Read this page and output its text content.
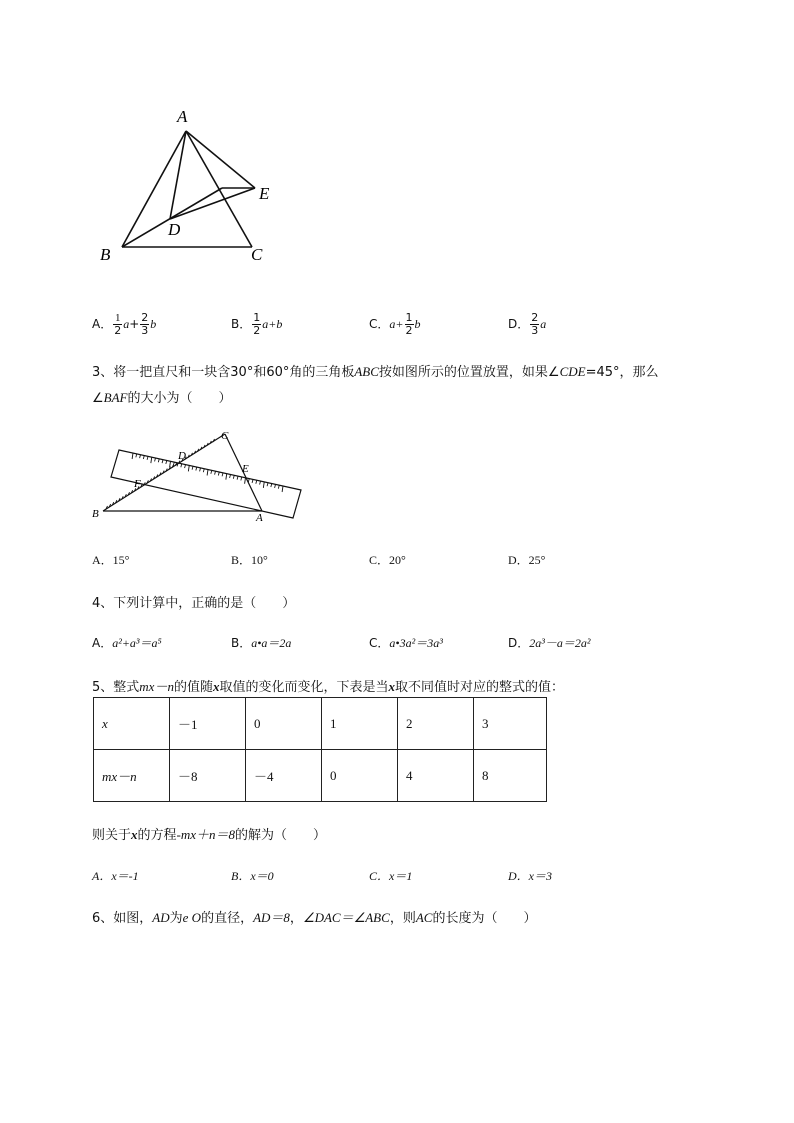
A
B	C
D
E
A． $\frac{1}{2} a+ \frac{2}{3}$ b	B． $\frac{1}{2} a+b$	C．$a+ \frac{1}{2}$ b	D． $\frac{2}{3}$ a
3、将一把直尺和一块含30°和60°角的三角板ABC按如图所示的位置放置，如果∠CDE=45°，那么
∠BAF的大小为（　　）
C
D
E
F
B	A
A．15°	B．10°	C．20°	D．25°
4、下列计算中，正确的是（　　）
A．a²+a³＝a⁵	B．a•a＝2a	C．a•3a²＝3a³	D．2a³－a＝2a²
5、整式mx－n的值随x取值的变化而变化，下表是当x取不同值时对应的整式的值：
x	－1	0	1	2	3
mx－n	－8	－4	0	4	8
则关于x的方程-mx＋n＝8的解为（　　）
A．x＝-1	B．x＝0	C．x＝1	D．x＝3
6、如图，AD为e O的直径，AD＝8，∠DAC＝∠ABC，则AC的长度为（　　）
